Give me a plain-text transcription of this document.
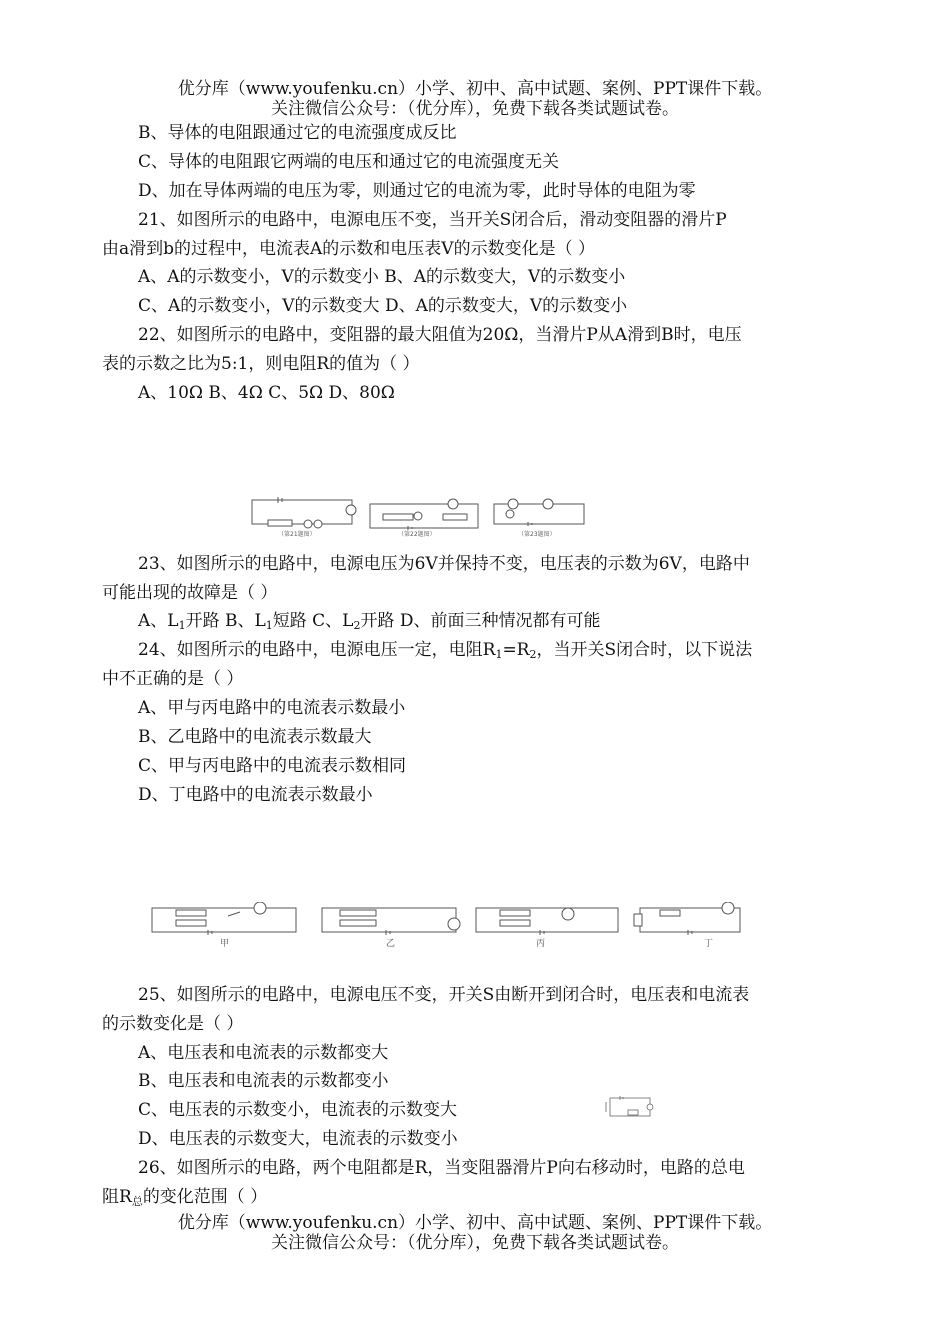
优分库（www.youfenku.cn）小学、初中、高中试题、案例、PPT课件下载。
关注微信公众号：（优分库），免费下载各类试题试卷。
B、导体的电阻跟通过它的电流强度成反比
C、导体的电阻跟它两端的电压和通过它的电流强度无关
D、加在导体两端的电压为零，则通过它的电流为零，此时导体的电阻为零
21、如图所示的电路中，电源电压不变，当开关S闭合后，滑动变阻器的滑片P
由a滑到b的过程中，电流表A的示数和电压表V的示数变化是（ ）
A、A的示数变小，V的示数变小 B、A的示数变大，V的示数变小
C、A的示数变小，V的示数变大 D、A的示数变大，V的示数变小
22、如图所示的电路中，变阻器的最大阻值为20Ω，当滑片P从A滑到B时，电压
表的示数之比为5:1，则电阻R的值为（ ）
A、10Ω B、4Ω C、5Ω D、80Ω
（第21题图）	（第22题图）	（第23题图）
23、如图所示的电路中，电源电压为6V并保持不变，电压表的示数为6V，电路中
可能出现的故障是（ ）
A、$L_1$开路 B、$L_1$短路 C、$L_2$开路 D、前面三种情况都有可能
24、如图所示的电路中，电源电压一定，电阻$R_1=R_2$，当开关S闭合时，以下说法
中不正确的是（ ）
A、甲与丙电路中的电流表示数最小
B、乙电路中的电流表示数最大
C、甲与丙电路中的电流表示数相同
D、丁电路中的电流表示数最小
甲	乙	丙	丁
25、如图所示的电路中，电源电压不变，开关S由断开到闭合时，电压表和电流表
的示数变化是（ ）
A、电压表和电流表的示数都变大
B、电压表和电流表的示数都变小
C、电压表的示数变小，电流表的示数变大
D、电压表的示数变大，电流表的示数变小
26、如图所示的电路，两个电阻都是R，当变阻器滑片P向右移动时，电路的总电
阻$R_总$的变化范围（ ）
优分库（www.youfenku.cn）小学、初中、高中试题、案例、PPT课件下载。
关注微信公众号：（优分库），免费下载各类试题试卷。
